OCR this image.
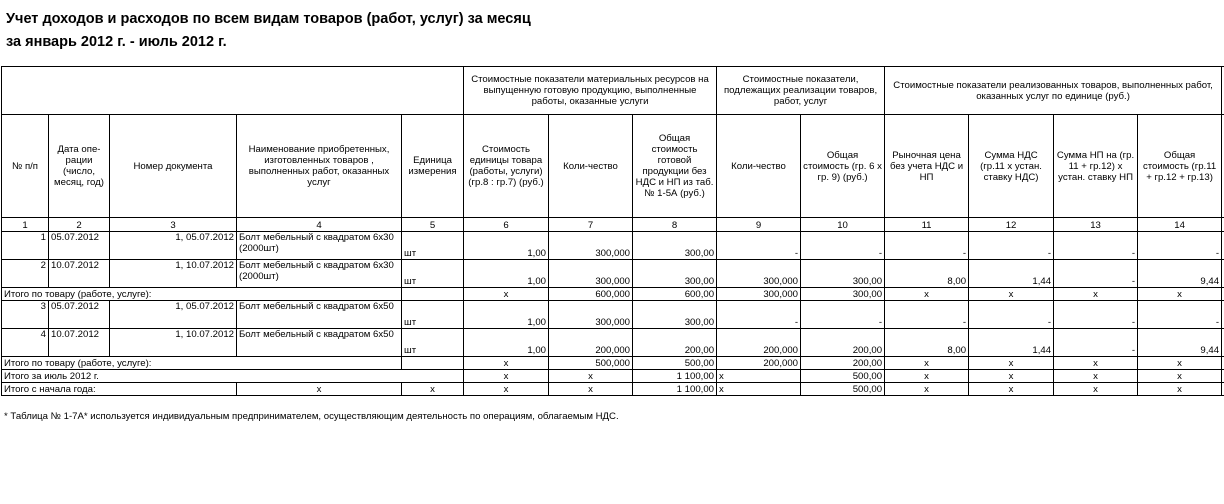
Учет доходов и расходов по всем видам товаров (работ, услуг) за месяц
за январь 2012 г. - июль 2012 г.
					Стоимостные показатели материальных ресурсов на выпущенную готовую продукцию, выполненные работы, оказанные услуги			Стоимостные показатели, подлежащих реализации товаров, работ, услуг		Стоимостные показатели реализованных товаров, выполненных работ, оказанных услуг по единице (руб.)				
№ п/п	Дата опе-рации (число, месяц, год)	Номер документа	Наименование приобретенных, изготовленных товаров , выполненных работ, оказанных услуг	Единица измерения	Стоимость единицы товара (работы, услуги) (гр.8 : гр.7) (руб.)	Коли-чество	Общая стоимость готовой продукции без НДС и НП из таб. № 1-5А (руб.)	Коли-чество	Общая стоимость (гр. 6 х гр. 9) (руб.)	Рыночная цена без учета НДС и НП	Сумма НДС (гр.11 х устан. ставку НДС)	Сумма НП на (гр. 11 + гр.12) х устан. ставку НП	Общая стоимость (гр.11 + гр.12 + гр.13)	
1	2	3	4	5	6	7	8	9	10	11	12	13	14	
1	05.07.2012	1, 05.07.2012	Болт мебельный с квадратом 6х30 (2000шт)	шт	1,00	300,000	300,00	-	-	-	-	-	-	
2	10.07.2012	1, 10.07.2012	Болт мебельный с квадратом 6х30 (2000шт)	шт	1,00	300,000	300,00	300,000	300,00	8,00	1,44	-	9,44	
Итого по товару (работе, услуге):					х	600,000	600,00	300,000	300,00	х	х	х	х	
3	05.07.2012	1, 05.07.2012	Болт мебельный с квадратом 6х50	шт	1,00	300,000	300,00	-	-	-	-	-	-	
4	10.07.2012	1, 10.07.2012	Болт мебельный с квадратом 6х50	шт	1,00	200,000	200,00	200,000	200,00	8,00	1,44	-	9,44	
Итого по товару (работе, услуге):					х	500,000	500,00	200,000	200,00	х	х	х	х	
Итого за июль 2012 г.					х	х	1 100,00	х	500,00	х	х	х	х	
Итого с начала года:			х	х	х	х	1 100,00	х	500,00	х	х	х	х	
* Таблица № 1-7А* используется индивидуальным предпринимателем, осуществляющим деятельность по операциям, облагаемым НДС.
